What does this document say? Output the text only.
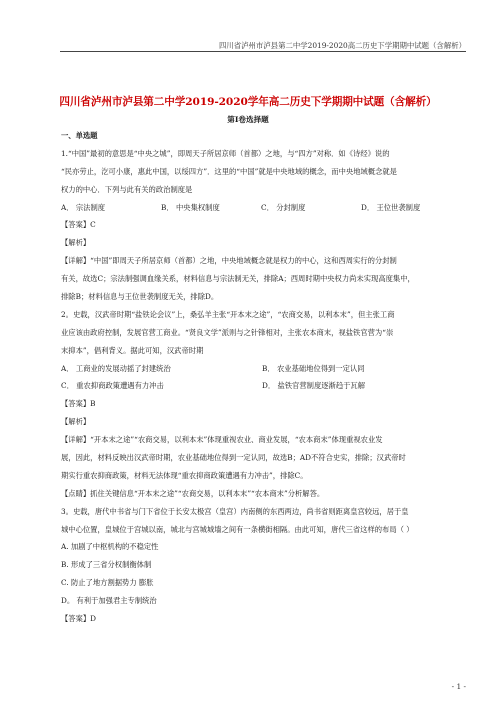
四川省泸州市泸县第二中学2019-2020高二历史下学期期中试题（含解析）
四川省泸州市泸县第二中学2019-2020学年高二历史下学期期中试题（含解析）
第Ⅰ卷选择题
一、单选题
1.“中国”最初的意思是“中央之城”，即周天子所居京师（首都）之地，与“四方”对称．如《诗经》说的
“民亦劳止，汔可小康，惠此中国，以绥四方”．这里的“中国”就是中央地域的概念，而中央地域概念就是
权力的中心．下列与此有关的政治制度是
A． 宗法制度	B． 中央集权制度	C． 分封制度	D． 王位世袭制度
【答案】C
【解析】
【详解】“中国”即周天子所居京师（首都）之地，中央地域概念就是权力的中心，这和西周实行的分封制
有关，故选C；宗法制强调血缘关系，材料信息与宗法制无关，排除A；西周时期中央权力尚未实现高度集中，
排除B；材料信息与王位世袭制度无关，排除D。
2。史载，汉武帝时期“盐铁论会议”上，桑弘羊主张“开本末之途”，“农商交易，以利本末”，但主张工商
业应该由政府控制，发展官营工商业。“贤良文学”派则与之针锋相对，主张农本商末，视盐铁官营为“崇
末抑本”，倡利背义。据此可知，汉武帝时期
A． 工商业的发展动摇了封建统治	B． 农业基础地位得到一定认同
C． 重农抑商政策遭遇有力冲击	D． 盐铁官营制度逐渐趋于瓦解
【答案】B
【解析】
【详解】“开本末之途”“农商交易，以利本末”体现重视农业、商业发展，“农本商末”体现重视农业发
展，因此，材料反映出汉武帝时期，农业基础地位得到一定认同，故选B；AD不符合史实，排除；汉武帝时
期实行重农抑商政策，材料无法体现“重农抑商政策遭遇有力冲击”，排除C。
【点睛】抓住关键信息“开本末之途”“农商交易，以利本末”“农本商末”分析解答。
3。史载，唐代中书省与门下省位于长安太极宫（皇宫）内南侧的东西两边，尚书省则距离皇宫较远，居于皇
城中心位置，皇城位于宫城以南，城北与宫城城墙之间有一条横街相隔。由此可知，唐代三省这样的布局（ ）
A. 加剧了中枢机构的不稳定性
B. 形成了三省分权制衡体制
C. 防止了地方割据势力 膨胀
D。 有利于加强君主专制统治
【答案】D
- 1 -
